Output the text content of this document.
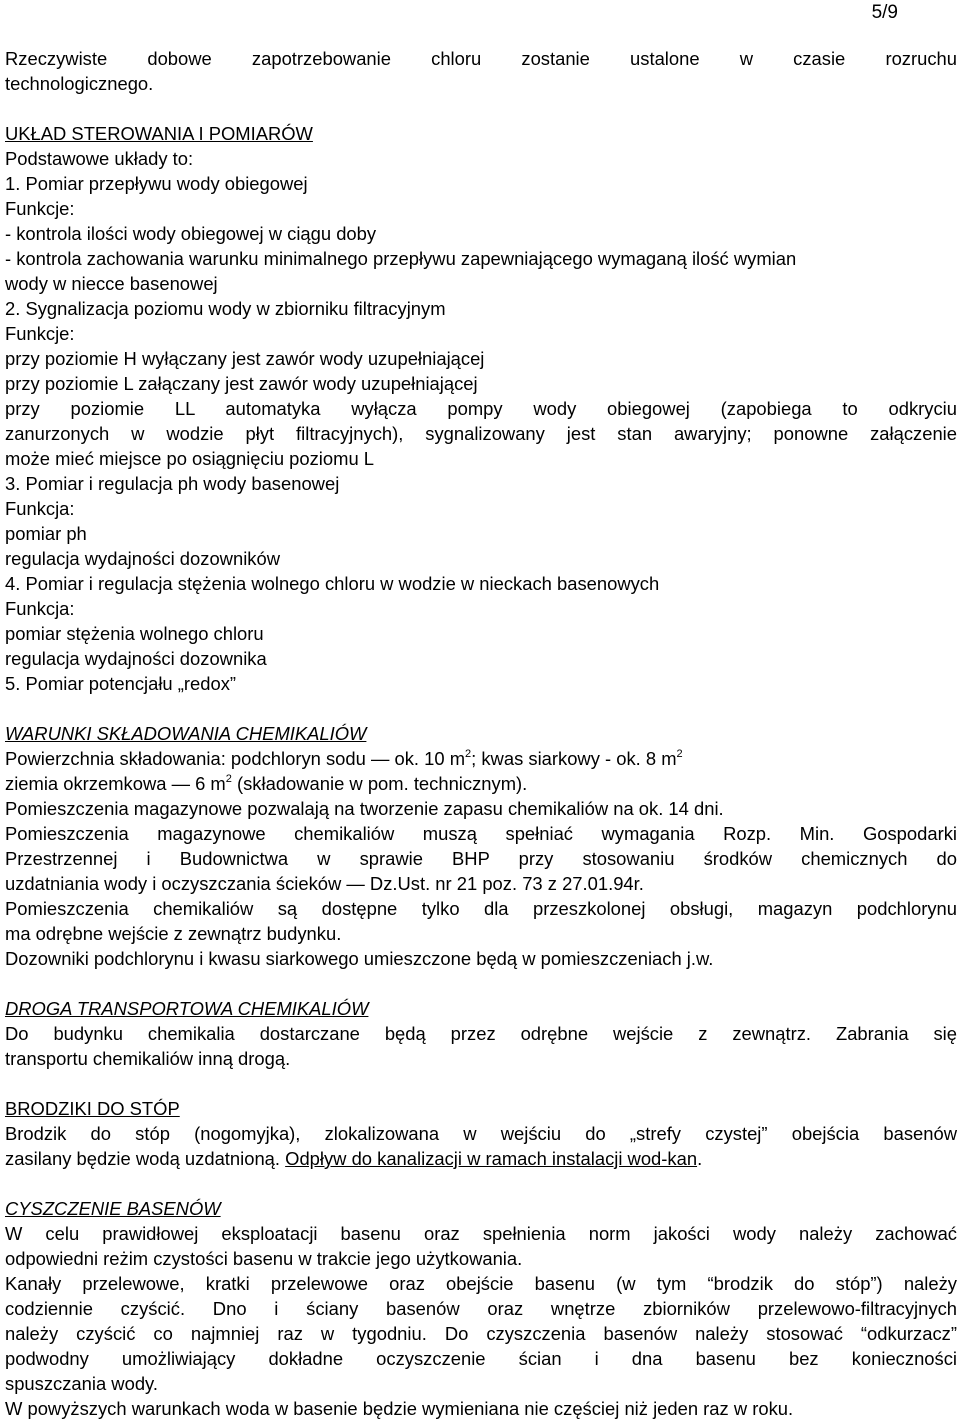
5/9
Rzeczywiste dobowe zapotrzebowanie chloru zostanie ustalone w czasie rozruchu
technologicznego.
UKŁAD STEROWANIA I POMIARÓW
Podstawowe układy to:
1. Pomiar przepływu wody obiegowej
Funkcje:
- kontrola ilości wody obiegowej w ciągu doby
- kontrola zachowania warunku minimalnego przepływu zapewniającego wymaganą ilość wymian
wody w niecce basenowej
2. Sygnalizacja poziomu wody w zbiorniku filtracyjnym
Funkcje:
przy poziomie H wyłączany jest zawór wody uzupełniającej
przy poziomie L załączany jest zawór wody uzupełniającej
przy poziomie LL automatyka wyłącza pompy wody obiegowej (zapobiega to odkryciu
zanurzonych w wodzie płyt filtracyjnych), sygnalizowany jest stan awaryjny; ponowne załączenie
może mieć miejsce po osiągnięciu poziomu L
3. Pomiar i regulacja ph wody basenowej
Funkcja:
pomiar ph
regulacja wydajności dozowników
4. Pomiar i regulacja stężenia wolnego chloru w wodzie w nieckach basenowych
Funkcja:
pomiar stężenia wolnego chloru
regulacja wydajności dozownika
5. Pomiar potencjału „redox”
WARUNKI SKŁADOWANIA CHEMIKALIÓW
Powierzchnia składowania: podchloryn sodu — ok. 10 $m^2$; kwas siarkowy - ok. 8 $m^2$
ziemia okrzemkowa — 6 $m^2$ (składowanie w pom. technicznym).
Pomieszczenia magazynowe pozwalają na tworzenie zapasu chemikaliów na ok. 14 dni.
Pomieszczenia magazynowe chemikaliów muszą spełniać wymagania Rozp. Min. Gospodarki
Przestrzennej i Budownictwa w sprawie BHP przy stosowaniu środków chemicznych do
uzdatniania wody i oczyszczania ścieków — Dz.Ust. nr 21 poz. 73 z 27.01.94r.
Pomieszczenia chemikaliów są dostępne tylko dla przeszkolonej obsługi, magazyn podchlorynu
ma odrębne wejście z zewnątrz budynku.
Dozowniki podchlorynu i kwasu siarkowego umieszczone będą w pomieszczeniach j.w.
DROGA TRANSPORTOWA CHEMIKALIÓW
Do budynku chemikalia dostarczane będą przez odrębne wejście z zewnątrz. Zabrania się
transportu chemikaliów inną drogą.
BRODZIKI DO STÓP
Brodzik do stóp (nogomyjka), zlokalizowana w wejściu do „strefy czystej” obejścia basenów
zasilany będzie wodą uzdatnioną. Odpływ do kanalizacji w ramach instalacji wod-kan.
CYSZCZENIE BASENÓW
W celu prawidłowej eksploatacji basenu oraz spełnienia norm jakości wody należy zachować
odpowiedni reżim czystości basenu w trakcie jego użytkowania.
Kanały przelewowe, kratki przelewowe oraz obejście basenu (w tym “brodzik do stóp”) należy
codziennie czyścić. Dno i ściany basenów oraz wnętrze zbiorników przelewowo-filtracyjnych
należy czyścić co najmniej raz w tygodniu. Do czyszczenia basenów należy stosować “odkurzacz”
podwodny umożliwiający dokładne oczyszczenie ścian i dna basenu bez konieczności
spuszczania wody.
W powyższych warunkach woda w basenie będzie wymieniana nie częściej niż jeden raz w roku.
